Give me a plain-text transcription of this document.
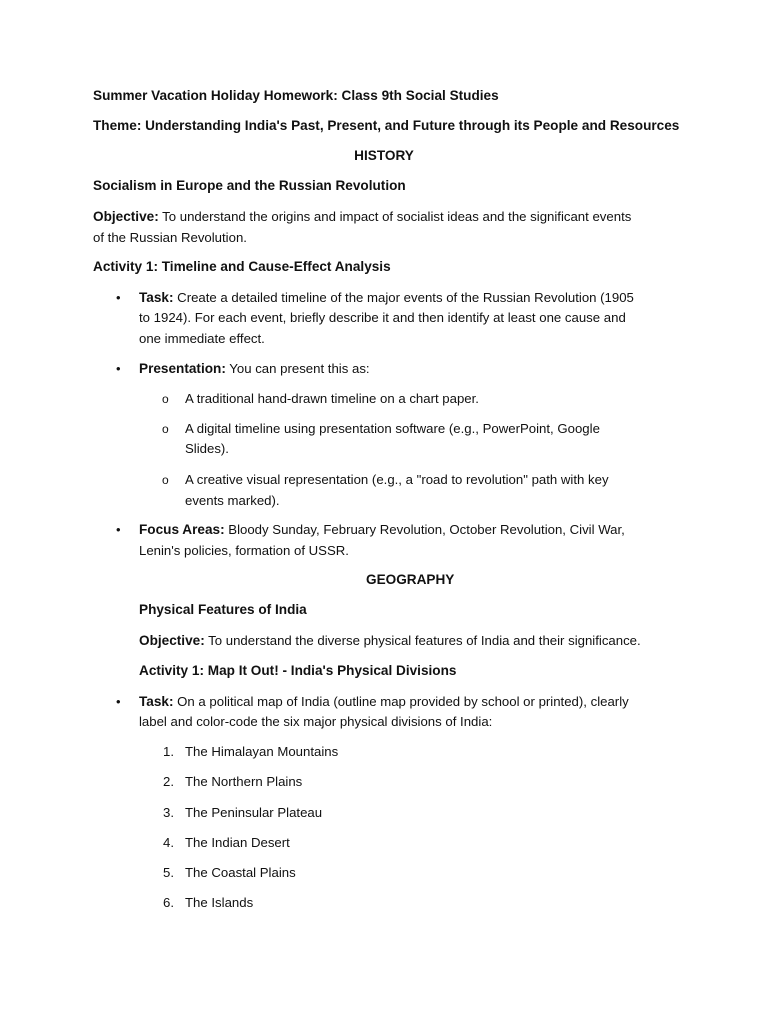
Summer Vacation Holiday Homework: Class 9th Social Studies
Theme: Understanding India's Past, Present, and Future through its People and Resources
HISTORY
Socialism in Europe and the Russian Revolution
Objective: To understand the origins and impact of socialist ideas and the significant events
of the Russian Revolution.
Activity 1: Timeline and Cause-Effect Analysis
• Task: Create a detailed timeline of the major events of the Russian Revolution (1905
to 1924). For each event, briefly describe it and then identify at least one cause and
one immediate effect.
• Presentation: You can present this as:
o A traditional hand-drawn timeline on a chart paper.
o A digital timeline using presentation software (e.g., PowerPoint, Google
Slides).
o A creative visual representation (e.g., a "road to revolution" path with key
events marked).
• Focus Areas: Bloody Sunday, February Revolution, October Revolution, Civil War,
Lenin's policies, formation of USSR.
GEOGRAPHY
Physical Features of India
Objective: To understand the diverse physical features of India and their significance.
Activity 1: Map It Out! - India's Physical Divisions
• Task: On a political map of India (outline map provided by school or printed), clearly
label and color-code the six major physical divisions of India:
1. The Himalayan Mountains
2. The Northern Plains
3. The Peninsular Plateau
4. The Indian Desert
5. The Coastal Plains
6. The Islands
